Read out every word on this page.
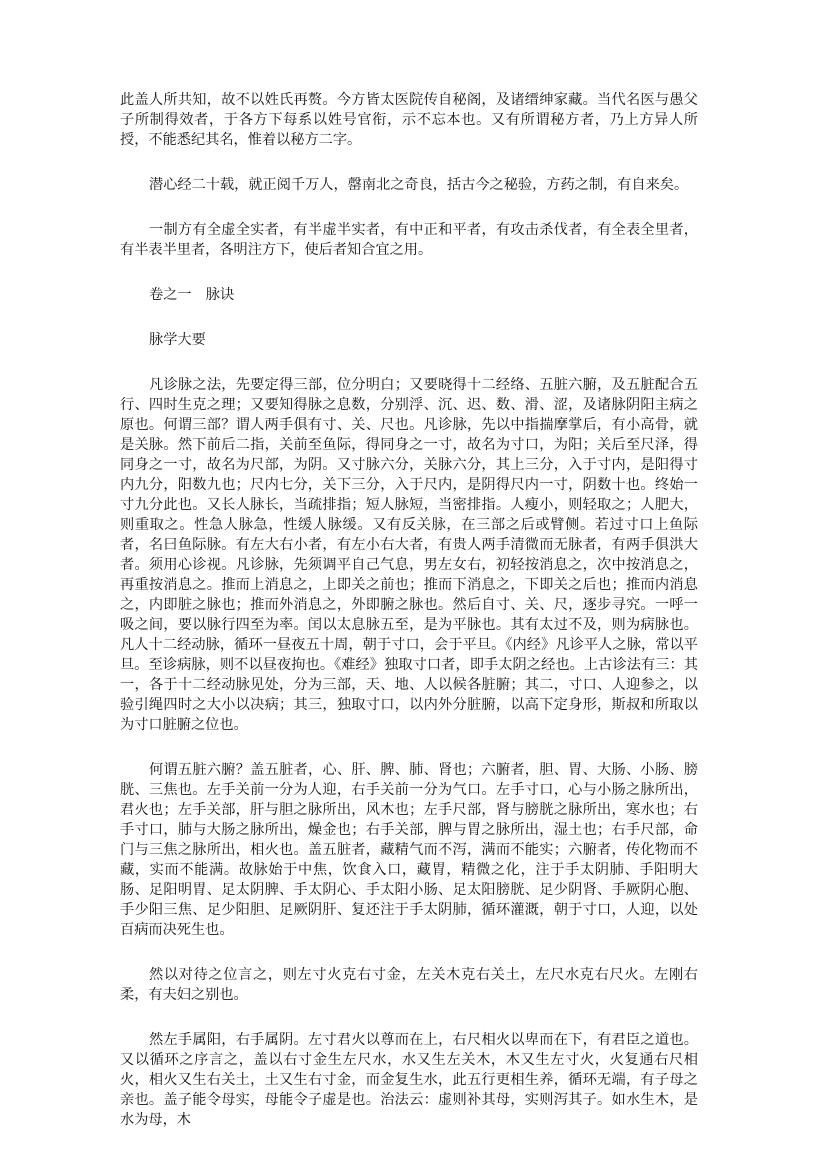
此盖人所共知，故不以姓氏再赘。今方皆太医院传自秘阁，及诸缙绅家藏。当代名医与愚父子所制得效者，于各方下每系以姓号官衔，示不忘本也。又有所谓秘方者，乃上方异人所授，不能悉纪其名，惟着以秘方二字。

潜心经二十载，就正阅千万人，罄南北之奇良，括古今之秘验，方药之制，有自来矣。

一制方有全虚全实者，有半虚半实者，有中正和平者，有攻击杀伐者，有全表全里者，有半表半里者，各明注方下，使后者知合宜之用。

卷之一　脉诀

脉学大要

凡诊脉之法，先要定得三部，位分明白；又要晓得十二经络、五脏六腑，及五脏配合五行、四时生克之理；又要知得脉之息数，分别浮、沉、迟、数、滑、涩，及诸脉阴阳主病之原也。何谓三部？谓人两手俱有寸、关、尺也。凡诊脉，先以中指揣摩掌后，有小高骨，就是关脉。然下前后二指，关前至鱼际，得同身之一寸，故名为寸口，为阳；关后至尺泽，得同身之一寸，故名为尺部，为阴。又寸脉六分，关脉六分，其上三分，入于寸内，是阳得寸内九分，阳数九也；尺内七分，关下三分，入于尺内，是阴得尺内一寸，阴数十也。终始一寸九分此也。又长人脉长，当疏排指；短人脉短，当密排指。人瘦小，则轻取之；人肥大，则重取之。性急人脉急，性缓人脉缓。又有反关脉，在三部之后或臂侧。若过寸口上鱼际者，名曰鱼际脉。有左大右小者，有左小右大者，有贵人两手清微而无脉者，有两手俱洪大者。须用心诊视。凡诊脉，先须调平自己气息，男左女右，初轻按消息之，次中按消息之，再重按消息之。推而上消息之，上即关之前也；推而下消息之，下即关之后也；推而内消息之，内即脏之脉也；推而外消息之，外即腑之脉也。然后自寸、关、尺，逐步寻究。一呼一吸之间，要以脉行四至为率。闰以太息脉五至，是为平脉也。其有太过不及，则为病脉也。凡人十二经动脉，循环一昼夜五十周，朝于寸口，会于平旦。《内经》凡诊平人之脉，常以平旦。至诊病脉，则不以昼夜拘也。《难经》独取寸口者，即手太阴之经也。上古诊法有三：其一，各于十二经动脉见处，分为三部，天、地、人以候各脏腑；其二，寸口、人迎参之，以验引绳四时之大小以决病；其三，独取寸口，以内外分脏腑，以高下定身形，斯叔和所取以为寸口脏腑之位也。

何谓五脏六腑？盖五脏者，心、肝、脾、肺、肾也；六腑者，胆、胃、大肠、小肠、膀胱、三焦也。左手关前一分为人迎，右手关前一分为气口。左手寸口，心与小肠之脉所出，君火也；左手关部，肝与胆之脉所出，风木也；左手尺部，肾与膀胱之脉所出，寒水也；右手寸口，肺与大肠之脉所出，燥金也；右手关部，脾与胃之脉所出，湿土也；右手尺部，命门与三焦之脉所出，相火也。盖五脏者，藏精气而不泻，满而不能实；六腑者，传化物而不藏，实而不能满。故脉始于中焦，饮食入口，藏胃，精微之化，注于手太阴肺、手阳明大肠、足阳明胃、足太阴脾、手太阴心、手太阳小肠、足太阳膀胱、足少阴肾、手厥阴心胞、手少阳三焦、足少阳胆、足厥阴肝、复还注于手太阴肺，循环灌溉，朝于寸口，人迎，以处百病而决死生也。

然以对待之位言之，则左寸火克右寸金，左关木克右关土，左尺水克右尺火。左刚右柔，有夫妇之别也。

然左手属阳，右手属阴。左寸君火以尊而在上，右尺相火以卑而在下，有君臣之道也。又以循环之序言之，盖以右寸金生左尺水，水又生左关木，木又生左寸火，火复通右尺相火，相火又生右关土，土又生右寸金，而金复生水，此五行更相生养，循环无端，有子母之亲也。盖子能令母实，母能令子虚是也。治法云：虚则补其母，实则泻其子。如水生木，是水为母，木
